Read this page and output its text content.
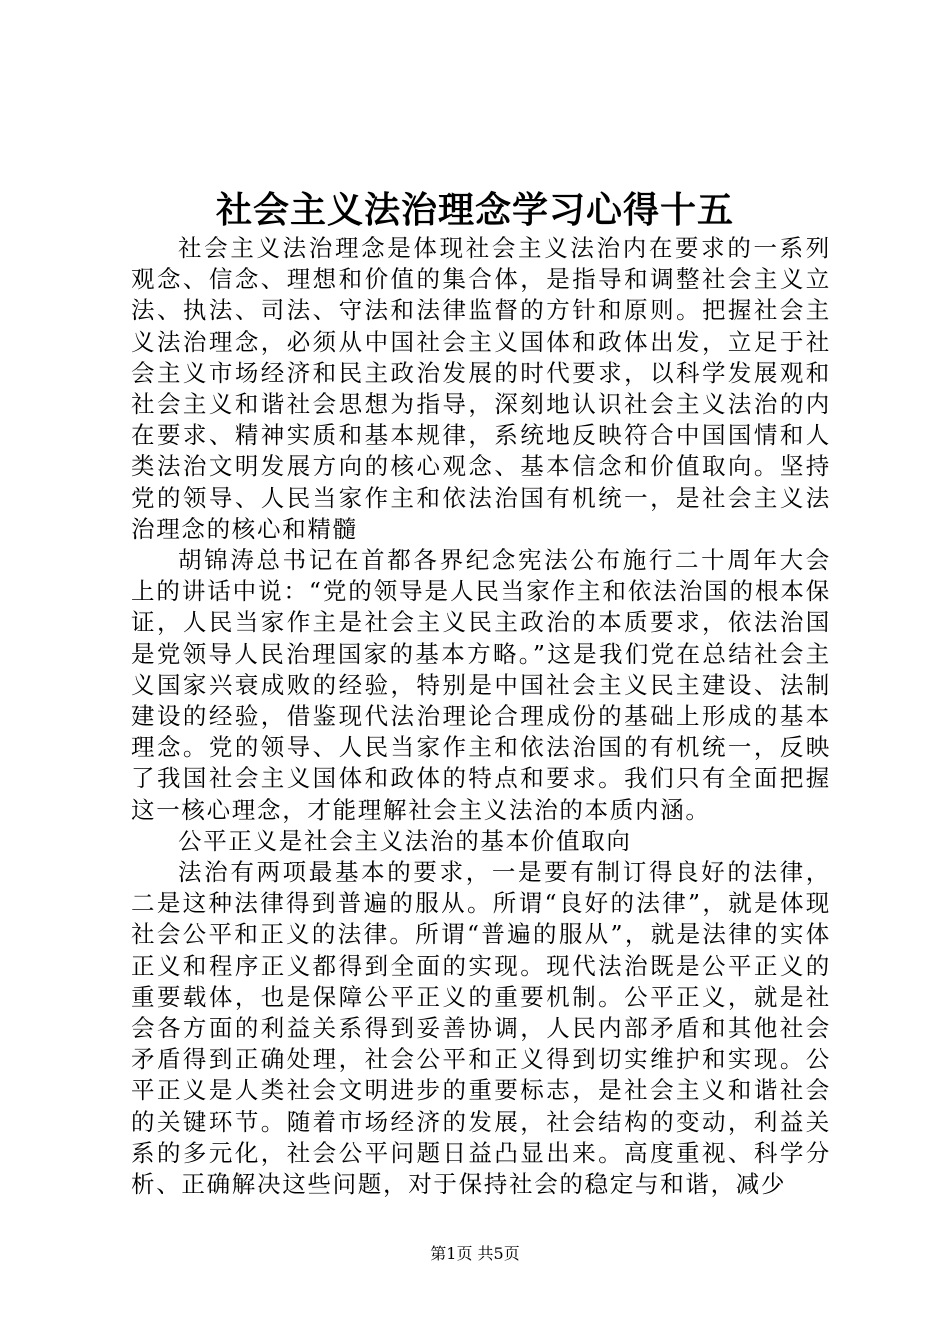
社会主义法治理念学习心得十五

社会主义法治理念是体现社会主义法治内在要求的一系列观念、信念、理想和价值的集合体，是指导和调整社会主义立法、执法、司法、守法和法律监督的方针和原则。把握社会主义法治理念，必须从中国社会主义国体和政体出发，立足于社会主义市场经济和民主政治发展的时代要求，以科学发展观和社会主义和谐社会思想为指导，深刻地认识社会主义法治的内在要求、精神实质和基本规律，系统地反映符合中国国情和人类法治文明发展方向的核心观念、基本信念和价值取向。坚持党的领导、人民当家作主和依法治国有机统一，是社会主义法治理念的核心和精髓

胡锦涛总书记在首都各界纪念宪法公布施行二十周年大会上的讲话中说：“党的领导是人民当家作主和依法治国的根本保证，人民当家作主是社会主义民主政治的本质要求，依法治国是党领导人民治理国家的基本方略。”这是我们党在总结社会主义国家兴衰成败的经验，特别是中国社会主义民主建设、法制建设的经验，借鉴现代法治理论合理成份的基础上形成的基本理念。党的领导、人民当家作主和依法治国的有机统一，反映了我国社会主义国体和政体的特点和要求。我们只有全面把握这一核心理念，才能理解社会主义法治的本质内涵。

公平正义是社会主义法治的基本价值取向

法治有两项最基本的要求，一是要有制订得良好的法律，二是这种法律得到普遍的服从。所谓“良好的法律”，就是体现社会公平和正义的法律。所谓“普遍的服从”，就是法律的实体正义和程序正义都得到全面的实现。现代法治既是公平正义的重要载体，也是保障公平正义的重要机制。公平正义，就是社会各方面的利益关系得到妥善协调，人民内部矛盾和其他社会矛盾得到正确处理，社会公平和正义得到切实维护和实现。公平正义是人类社会文明进步的重要标志，是社会主义和谐社会的关键环节。随着市场经济的发展，社会结构的变动，利益关系的多元化，社会公平问题日益凸显出来。高度重视、科学分析、正确解决这些问题，对于保持社会的稳定与和谐，减少

第1页 共5页
